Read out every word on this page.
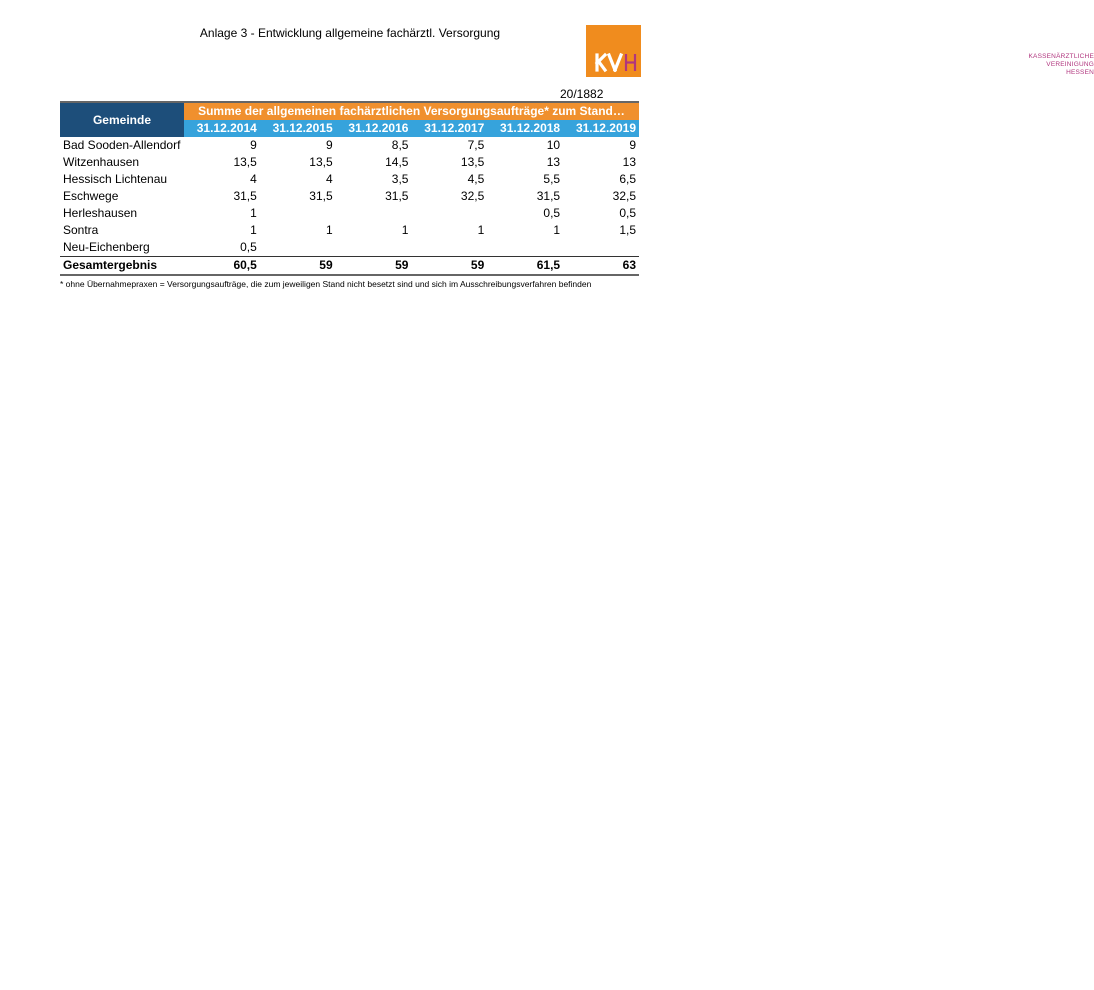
Anlage 3 - Entwicklung allgemeine fachärztl. Versorgung
KASSENÄRZTLICHE
VEREINIGUNG
HESSEN
20/1882
Gemeinde	Summe der allgemeinen fachärztlichen Versorgungsaufträge* zum Stand…					
	31.12.2014	31.12.2015	31.12.2016	31.12.2017	31.12.2018	31.12.2019
Bad Sooden-Allendorf	9	9	8,5	7,5	10	9
Witzenhausen	13,5	13,5	14,5	13,5	13	13
Hessisch Lichtenau	4	4	3,5	4,5	5,5	6,5
Eschwege	31,5	31,5	31,5	32,5	31,5	32,5
Herleshausen	1				0,5	0,5
Sontra	1	1	1	1	1	1,5
Neu-Eichenberg	0,5					
Gesamtergebnis	60,5	59	59	59	61,5	63
* ohne Übernahmepraxen = Versorgungsaufträge, die zum jeweiligen Stand nicht besetzt sind und sich im Ausschreibungsverfahren befinden
